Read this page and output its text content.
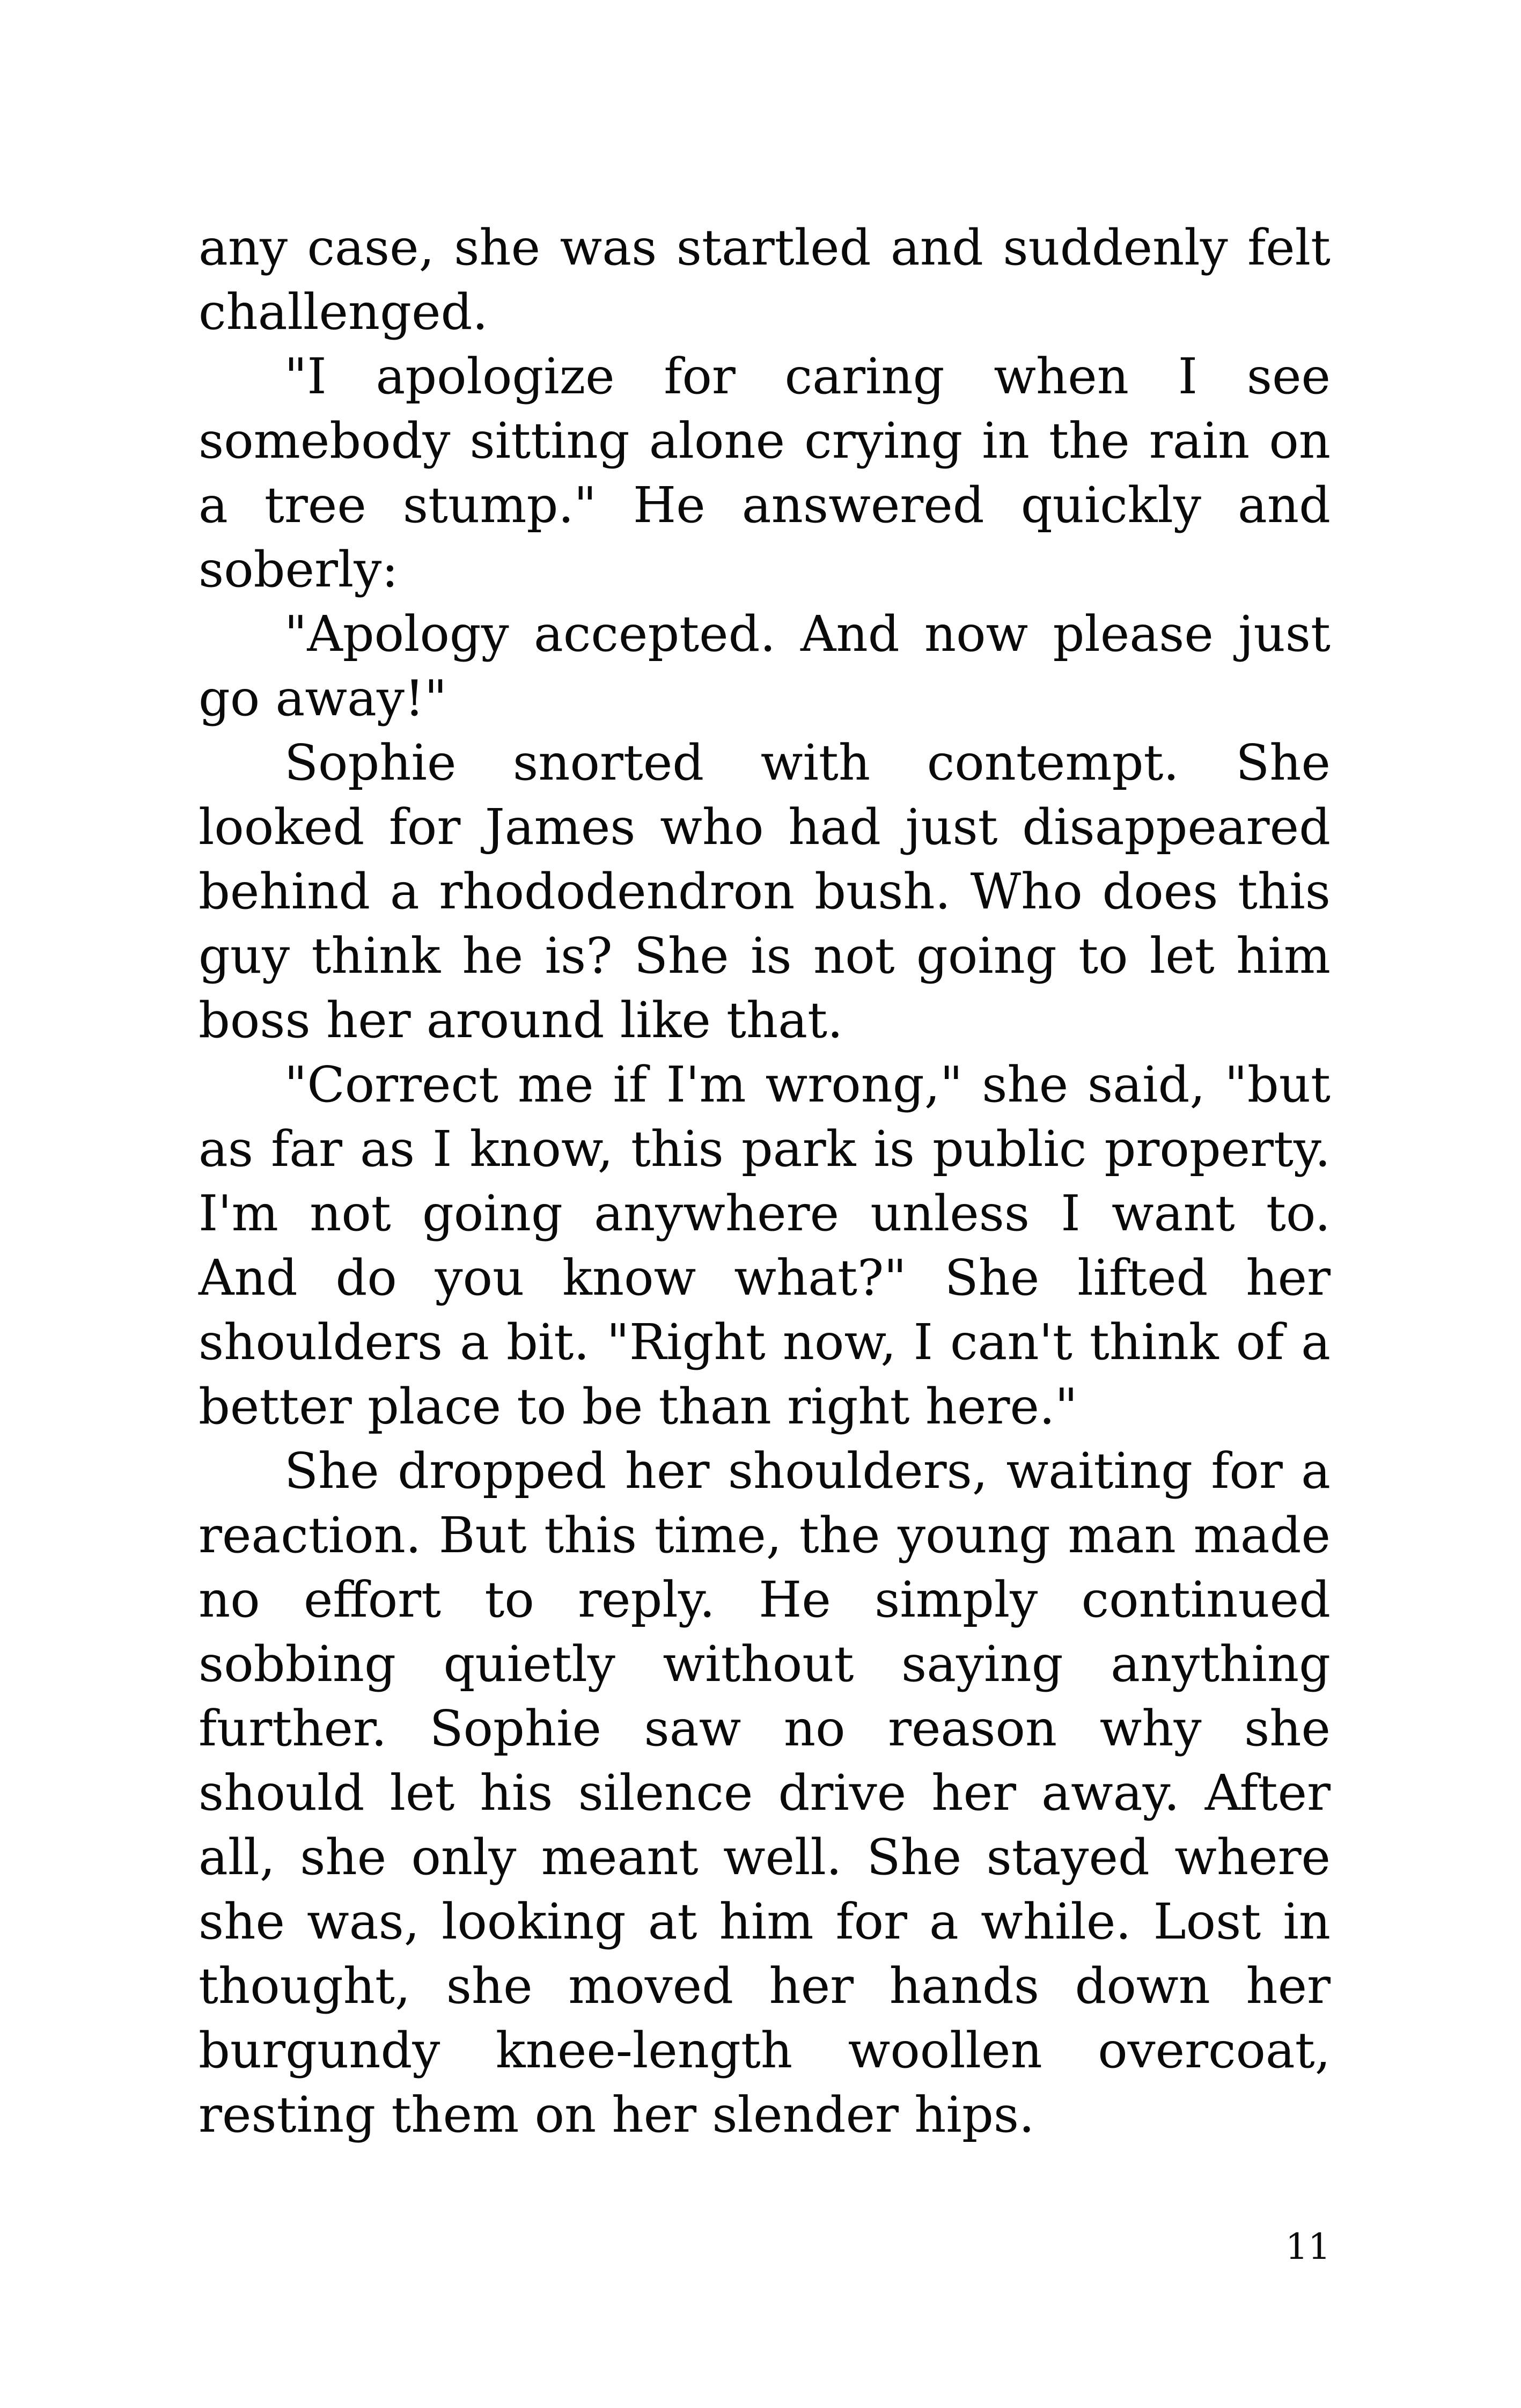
any case, she was startled and suddenly felt challenged.

"I apologize for caring when I see somebody sitting alone crying in the rain on a tree stump." He answered quickly and soberly:

"Apology accepted. And now please just go away!"

Sophie snorted with contempt. She looked for James who had just disappeared behind a rhododendron bush. Who does this guy think he is? She is not going to let him boss her around like that.

"Correct me if I'm wrong," she said, "but as far as I know, this park is public property. I'm not going anywhere unless I want to. And do you know what?" She lifted her shoulders a bit. "Right now, I can't think of a better place to be than right here."

She dropped her shoulders, waiting for a reaction. But this time, the young man made no effort to reply. He simply continued sobbing quietly without saying anything further. Sophie saw no reason why she should let his silence drive her away. After all, she only meant well. She stayed where she was, looking at him for a while. Lost in thought, she moved her hands down her burgundy knee-length woollen overcoat, resting them on her slender hips.

11
